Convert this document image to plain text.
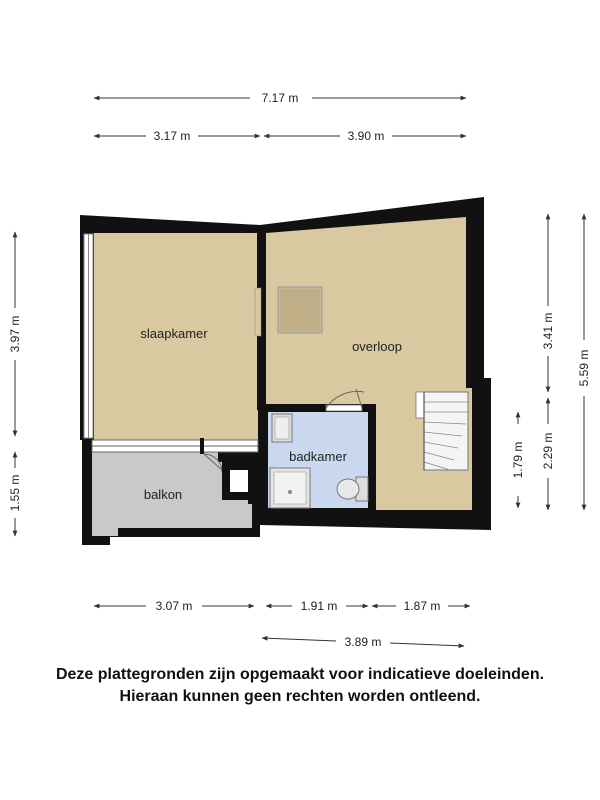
slaapkamer
overloop
badkamer
balkon
7.17 m
3.17 m	3.90 m
3.97 m
1.55 m
3.41 m
1.79 m 2.29 m
5.59 m
3.07 m	1.91 m	1.87 m
3.89 m
Deze plattegronden zijn opgemaakt voor indicatieve doeleinden.
Hieraan kunnen geen rechten worden ontleend.
